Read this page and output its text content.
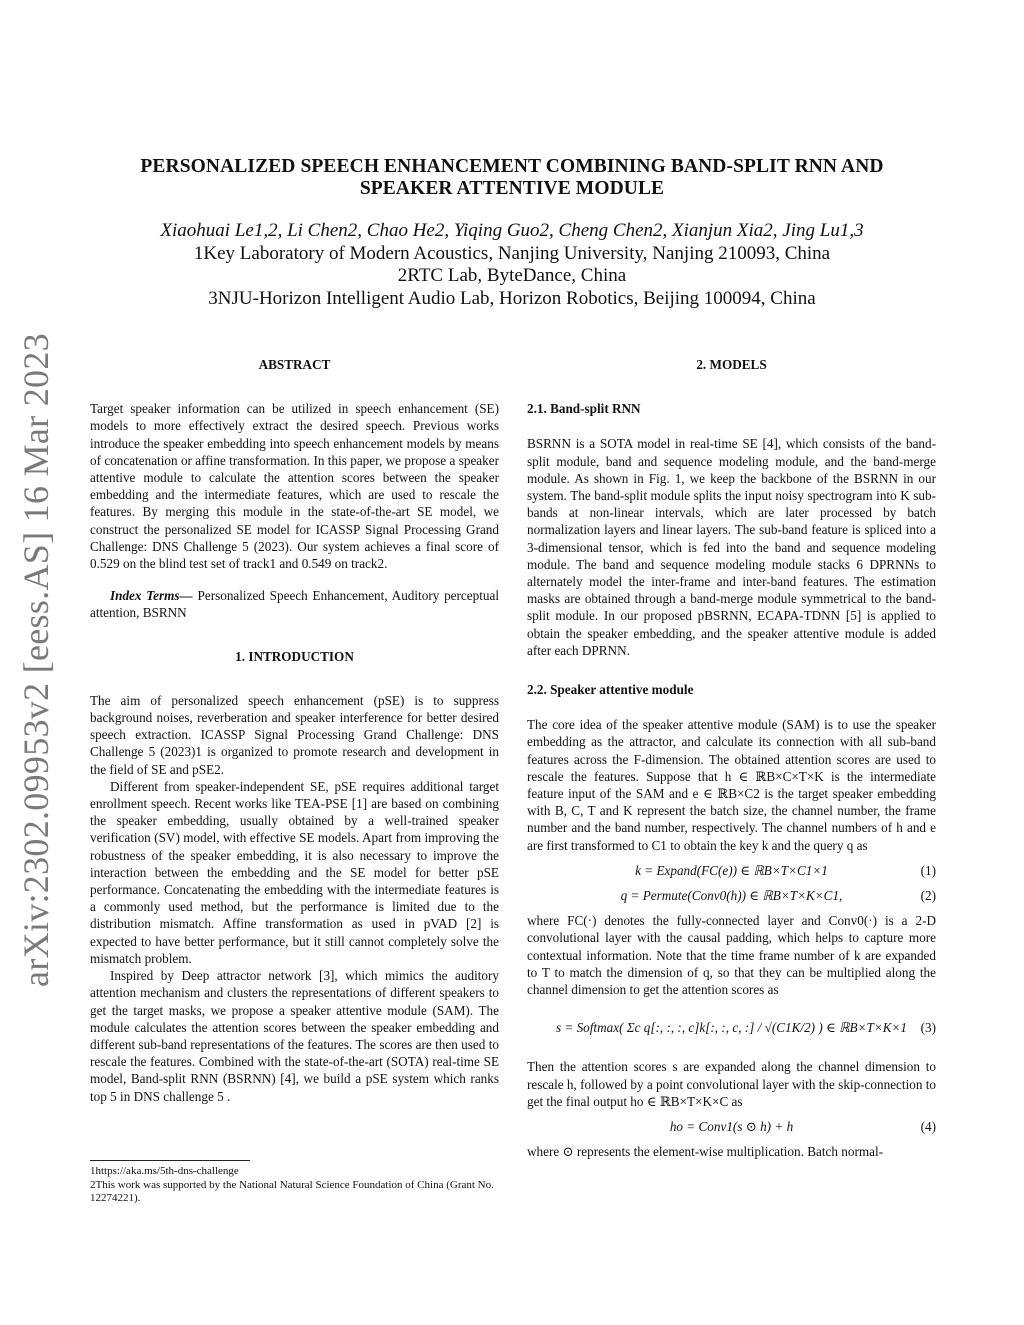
arXiv:2302.09953v2 [eess.AS] 16 Mar 2023
PERSONALIZED SPEECH ENHANCEMENT COMBINING BAND-SPLIT RNN AND
SPEAKER ATTENTIVE MODULE
Xiaohuai Le1,2, Li Chen2, Chao He2, Yiqing Guo2, Cheng Chen2, Xianjun Xia2, Jing Lu1,3
1Key Laboratory of Modern Acoustics, Nanjing University, Nanjing 210093, China
2RTC Lab, ByteDance, China
3NJU-Horizon Intelligent Audio Lab, Horizon Robotics, Beijing 100094, China
ABSTRACT

Target speaker information can be utilized in speech enhancement (SE) models to more effectively extract the desired speech. Previous works introduce the speaker embedding into speech enhancement models by means of concatenation or affine transformation. In this paper, we propose a speaker attentive module to calculate the attention scores between the speaker embedding and the intermediate features, which are used to rescale the features. By merging this module in the state-of-the-art SE model, we construct the personalized SE model for ICASSP Signal Processing Grand Challenge: DNS Challenge 5 (2023). Our system achieves a final score of 0.529 on the blind test set of track1 and 0.549 on track2.

Index Terms— Personalized Speech Enhancement, Auditory perceptual attention, BSRNN

1. INTRODUCTION

The aim of personalized speech enhancement (pSE) is to suppress background noises, reverberation and speaker interference for better desired speech extraction. ICASSP Signal Processing Grand Challenge: DNS Challenge 5 (2023)1 is organized to promote research and development in the field of SE and pSE2.

Different from speaker-independent SE, pSE requires additional target enrollment speech. Recent works like TEA-PSE [1] are based on combining the speaker embedding, usually obtained by a well-trained speaker verification (SV) model, with effective SE models. Apart from improving the robustness of the speaker embedding, it is also necessary to improve the interaction between the embedding and the SE model for better pSE performance. Concatenating the embedding with the intermediate features is a commonly used method, but the performance is limited due to the distribution mismatch. Affine transformation as used in pVAD [2] is expected to have better performance, but it still cannot completely solve the mismatch problem.

Inspired by Deep attractor network [3], which mimics the auditory attention mechanism and clusters the representations of different speakers to get the target masks, we propose a speaker attentive module (SAM). The module calculates the attention scores between the speaker embedding and different sub-band representations of the features. The scores are then used to rescale the features. Combined with the state-of-the-art (SOTA) real-time SE model, Band-split RNN (BSRNN) [4], we build a pSE system which ranks top 5 in DNS challenge 5 .

1https://aka.ms/5th-dns-challenge
2This work was supported by the National Natural Science Foundation of China (Grant No. 12274221).
2. MODELS
2.1. Band-split RNN

BSRNN is a SOTA model in real-time SE [4], which consists of the band-split module, band and sequence modeling module, and the band-merge module. As shown in Fig. 1, we keep the backbone of the BSRNN in our system. The band-split module splits the input noisy spectrogram into K sub-bands at non-linear intervals, which are later processed by batch normalization layers and linear layers. The sub-band feature is spliced into a 3-dimensional tensor, which is fed into the band and sequence modeling module. The band and sequence modeling module stacks 6 DPRNNs to alternately model the inter-frame and inter-band features. The estimation masks are obtained through a band-merge module symmetrical to the band-split module. In our proposed pBSRNN, ECAPA-TDNN [5] is applied to obtain the speaker embedding, and the speaker attentive module is added after each DPRNN.

2.2. Speaker attentive module

The core idea of the speaker attentive module (SAM) is to use the speaker embedding as the attractor, and calculate its connection with all sub-band features across the F-dimension. The obtained attention scores are used to rescale the features. Suppose that h ∈ ℝB×C×T×K is the intermediate feature input of the SAM and e ∈ ℝB×C2 is the target speaker embedding with B, C, T and K represent the batch size, the channel number, the frame number and the band number, respectively. The channel numbers of h and e are first transformed to C1 to obtain the key k and the query q as

k = Expand(FC(e)) ∈ ℝB×T×C1×1	(1)
q = Permute(Conv0(h)) ∈ ℝB×T×K×C1,	(2)

where FC(·) denotes the fully-connected layer and Conv0(·) is a 2-D convolutional layer with the causal padding, which helps to capture more contextual information. Note that the time frame number of k are expanded to T to match the dimension of q, so that they can be multiplied along the channel dimension to get the attention scores as

s = Softmax( Σc q[:, :, :, c]k[:, :, c, :] / √(C1K/2) ) ∈ ℝB×T×K×1 (3)

Then the attention scores s are expanded along the channel dimension to rescale h, followed by a point convolutional layer with the skip-connection to get the final output ho ∈ ℝB×T×K×C as

ho = Conv1(s ⊙ h) + h	(4)

where ⊙ represents the element-wise multiplication. Batch normal-
